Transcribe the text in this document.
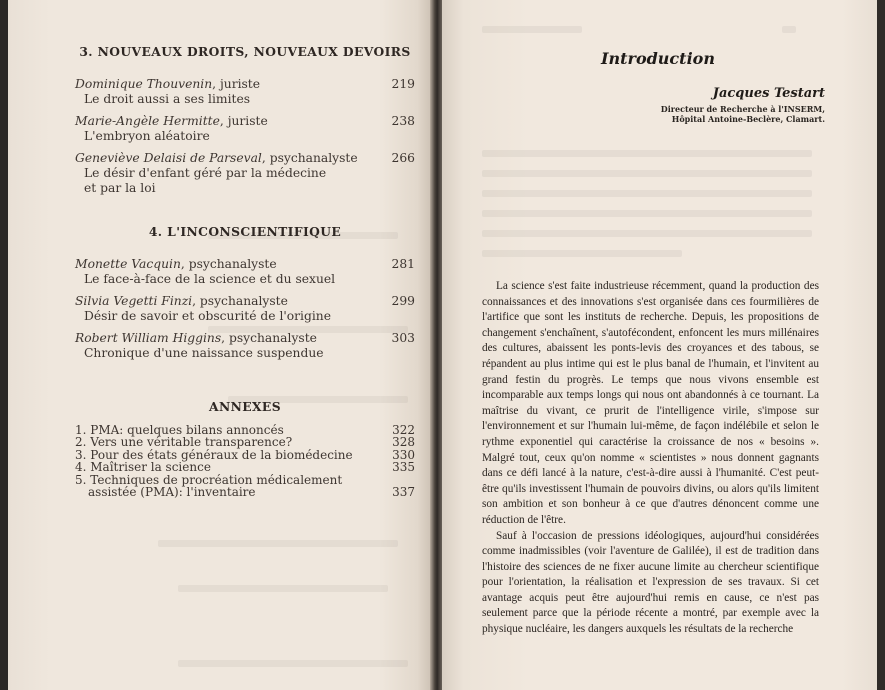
3. NOUVEAUX DROITS, NOUVEAUX DEVOIRS
Dominique Thouvenin, juriste	219
Le droit aussi a ses limites
Marie-Angèle Hermitte, juriste	238
L'embryon aléatoire
Geneviève Delaisi de Parseval, psychanalyste	266
Le désir d'enfant géré par la médecine
et par la loi
4. L'INCONSCIENTIFIQUE
Monette Vacquin, psychanalyste	281
Le face-à-face de la science et du sexuel
Silvia Vegetti Finzi, psychanalyste	299
Désir de savoir et obscurité de l'origine
Robert William Higgins, psychanalyste	303
Chronique d'une naissance suspendue
ANNEXES
1. PMA: quelques bilans annoncés	322
2. Vers une véritable transparence?	328
3. Pour des états généraux de la biomédecine	330
4. Maîtriser la science	335
5. Techniques de procréation médicalement
assistée (PMA): l'inventaire	337
Introduction
Jacques Testart
Directeur de Recherche à l'INSERM,
Hôpital Antoine-Beclère, Clamart.

La science s'est faite industrieuse récemment, quand la production des connaissances et des innovations s'est organisée dans ces fourmilières de l'artifice que sont les instituts de recherche. Depuis, les propositions de changement s'enchaînent, s'autofécondent, enfoncent les murs millénaires des cultures, abaissent les ponts-levis des croyances et des tabous, se répandent au plus intime qui est le plus banal de l'humain, et l'invitent au grand festin du progrès. Le temps que nous vivons ensemble est incomparable aux temps longs qui nous ont abandonnés à ce tournant. La maîtrise du vivant, ce prurit de l'intelligence virile, s'impose sur l'environnement et sur l'humain lui-même, de façon indélébile et selon le rythme exponentiel qui caractérise la croissance de nos « besoins ». Malgré tout, ceux qu'on nomme « scientistes » nous donnent gagnants dans ce défi lancé à la nature, c'est-à-dire aussi à l'humanité. C'est peut-être qu'ils investissent l'humain de pouvoirs divins, ou alors qu'ils limitent son ambition et son bonheur à ce que d'autres dénoncent comme une réduction de l'être.

Sauf à l'occasion de pressions idéologiques, aujourd'hui considérées comme inadmissibles (voir l'aventure de Galilée), il est de tradition dans l'histoire des sciences de ne fixer aucune limite au chercheur scientifique pour l'orientation, la réalisation et l'expression de ses travaux. Si cet avantage acquis peut être aujourd'hui remis en cause, ce n'est pas seulement parce que la période récente a montré, par exemple avec la physique nucléaire, les dangers auxquels les résultats de la recherche
